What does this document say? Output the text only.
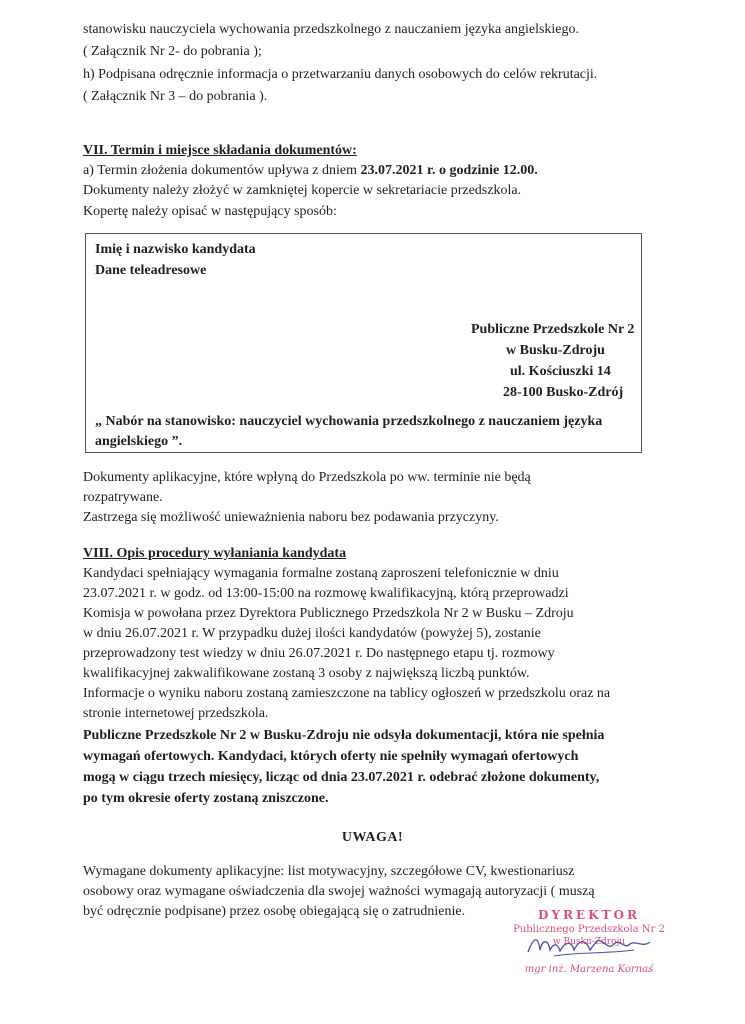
stanowisku nauczyciela wychowania przedszkolnego z nauczaniem języka angielskiego.

( Załącznik Nr 2- do pobrania );

h) Podpisana odręcznie informacja o przetwarzaniu danych osobowych do celów rekrutacji.

( Załącznik Nr 3 – do pobrania ).

VII. Termin i miejsce składania dokumentów:

a) Termin złożenia dokumentów upływa z dniem 23.07.2021 r. o godzinie 12.00.

Dokumenty należy złożyć w zamkniętej kopercie w sekretariacie przedszkola.

Kopertę należy opisać w następujący sposób:

Imię i nazwisko kandydata
Dane teleadresowe
Publiczne Przedszkole Nr 2
w Busku-Zdroju
ul. Kościuszki 14
28-100 Busko-Zdrój
„ Nabór na stanowisko: nauczyciel wychowania przedszkolnego z nauczaniem języka
angielskiego ”.

Dokumenty aplikacyjne, które wpłyną do Przedszkola po ww. terminie nie będą

rozpatrywane.

Zastrzega się możliwość unieważnienia naboru bez podawania przyczyny.

VIII. Opis procedury wyłaniania kandydata

Kandydaci spełniający wymagania formalne zostaną zaproszeni telefonicznie w dniu

23.07.2021 r. w godz. od 13:00-15:00 na rozmowę kwalifikacyjną, którą przeprowadzi

Komisja w powołana przez Dyrektora Publicznego Przedszkola Nr 2 w Busku – Zdroju

w dniu 26.07.2021 r. W przypadku dużej ilości kandydatów (powyżej 5), zostanie

przeprowadzony test wiedzy w dniu 26.07.2021 r. Do następnego etapu tj. rozmowy

kwalifikacyjnej zakwalifikowane zostaną 3 osoby z największą liczbą punktów.

Informacje o wyniku naboru zostaną zamieszczone na tablicy ogłoszeń w przedszkolu oraz na

stronie internetowej przedszkola.

Publiczne Przedszkole Nr 2 w Busku-Zdroju nie odsyła dokumentacji, która nie spełnia

wymagań ofertowych. Kandydaci, których oferty nie spełniły wymagań ofertowych

mogą w ciągu trzech miesięcy, licząc od dnia 23.07.2021 r. odebrać złożone dokumenty,

po tym okresie oferty zostaną zniszczone.

UWAGA!

Wymagane dokumenty aplikacyjne: list motywacyjny, szczegółowe CV, kwestionariusz

osobowy oraz wymagane oświadczenia dla swojej ważności wymagają autoryzacji ( muszą

być odręcznie podpisane) przez osobę obiegającą się o zatrudnienie.	DYREKTOR
Publicznego Przedszkola Nr 2
w Busku-Zdroju
mgr inż. Marzena Kornaś
